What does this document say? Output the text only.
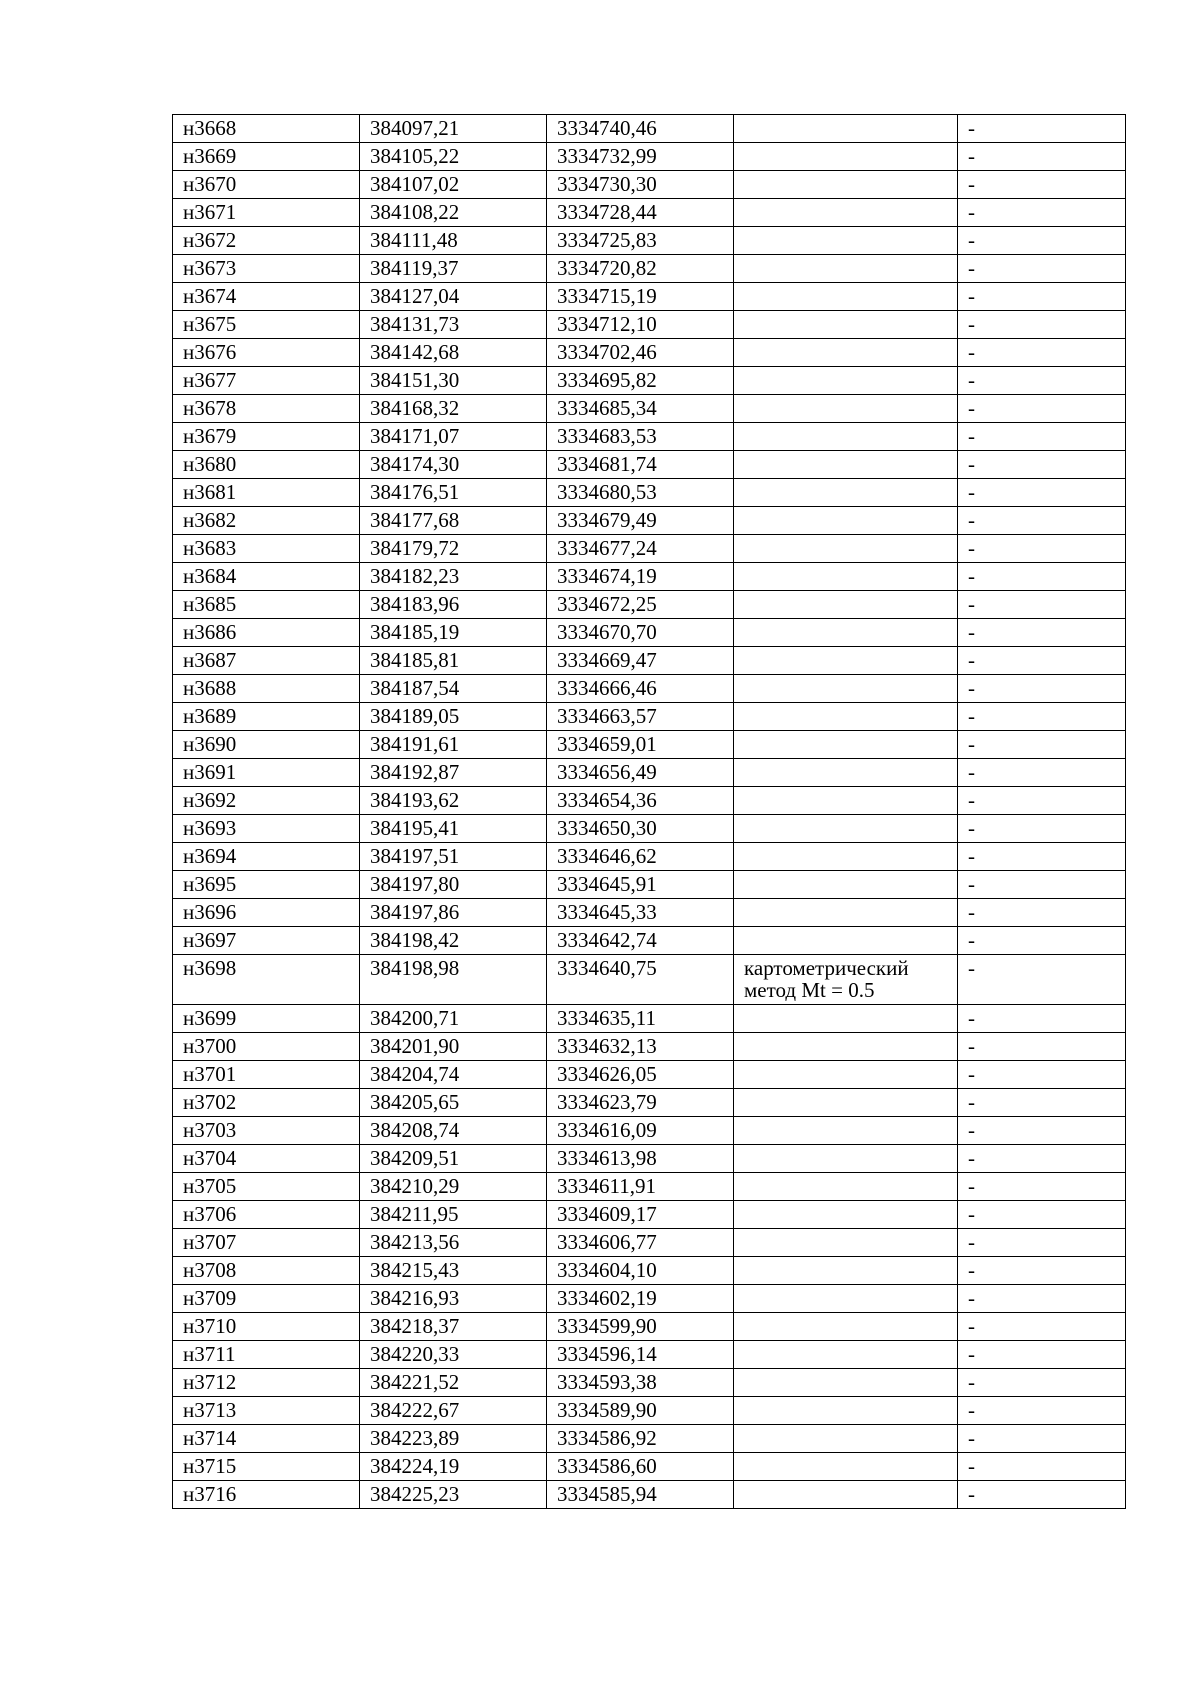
н3668	384097,21	3334740,46		-
н3669	384105,22	3334732,99		-
н3670	384107,02	3334730,30		-
н3671	384108,22	3334728,44		-
н3672	384111,48	3334725,83		-
н3673	384119,37	3334720,82		-
н3674	384127,04	3334715,19		-
н3675	384131,73	3334712,10		-
н3676	384142,68	3334702,46		-
н3677	384151,30	3334695,82		-
н3678	384168,32	3334685,34		-
н3679	384171,07	3334683,53		-
н3680	384174,30	3334681,74		-
н3681	384176,51	3334680,53		-
н3682	384177,68	3334679,49		-
н3683	384179,72	3334677,24		-
н3684	384182,23	3334674,19		-
н3685	384183,96	3334672,25		-
н3686	384185,19	3334670,70		-
н3687	384185,81	3334669,47		-
н3688	384187,54	3334666,46		-
н3689	384189,05	3334663,57		-
н3690	384191,61	3334659,01		-
н3691	384192,87	3334656,49		-
н3692	384193,62	3334654,36		-
н3693	384195,41	3334650,30		-
н3694	384197,51	3334646,62		-
н3695	384197,80	3334645,91		-
н3696	384197,86	3334645,33		-
н3697	384198,42	3334642,74		-
н3698	384198,98	3334640,75	картометрический метод Mt = 0.5	-
н3699	384200,71	3334635,11		-
н3700	384201,90	3334632,13		-
н3701	384204,74	3334626,05		-
н3702	384205,65	3334623,79		-
н3703	384208,74	3334616,09		-
н3704	384209,51	3334613,98		-
н3705	384210,29	3334611,91		-
н3706	384211,95	3334609,17		-
н3707	384213,56	3334606,77		-
н3708	384215,43	3334604,10		-
н3709	384216,93	3334602,19		-
н3710	384218,37	3334599,90		-
н3711	384220,33	3334596,14		-
н3712	384221,52	3334593,38		-
н3713	384222,67	3334589,90		-
н3714	384223,89	3334586,92		-
н3715	384224,19	3334586,60		-
н3716	384225,23	3334585,94		-
